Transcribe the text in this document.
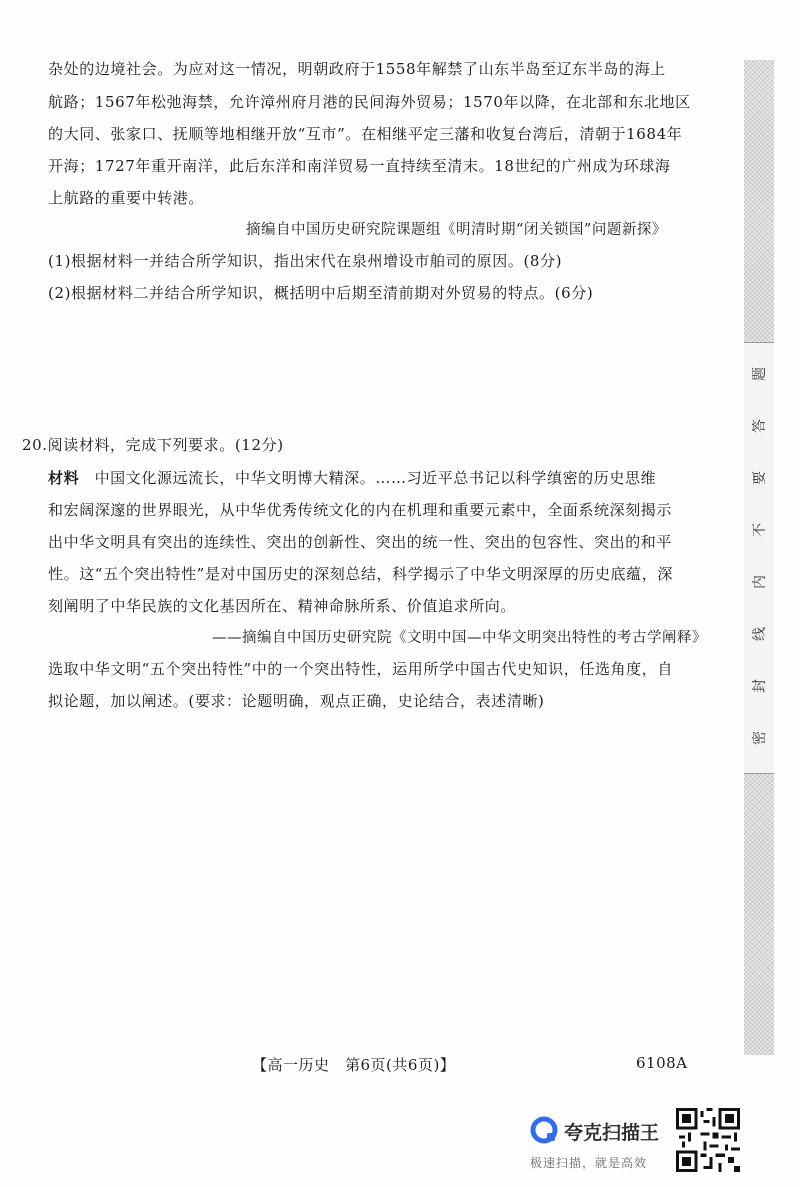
杂处的边境社会。为应对这一情况，明朝政府于1558年解禁了山东半岛至辽东半岛的海上
航路；1567年松弛海禁，允许漳州府月港的民间海外贸易；1570年以降，在北部和东北地区
的大同、张家口、抚顺等地相继开放“互市”。在相继平定三藩和收复台湾后，清朝于1684年
开海；1727年重开南洋，此后东洋和南洋贸易一直持续至清末。18世纪的广州成为环球海
上航路的重要中转港。
摘编自中国历史研究院课题组《明清时期“闭关锁国”问题新探》
(1)根据材料一并结合所学知识，指出宋代在泉州增设市舶司的原因。(8分)
(2)根据材料二并结合所学知识，概括明中后期至清前期对外贸易的特点。(6分)
20.阅读材料，完成下列要求。(12分)
材料 中国文化源远流长，中华文明博大精深。……习近平总书记以科学缜密的历史思维
和宏阔深邃的世界眼光，从中华优秀传统文化的内在机理和重要元素中，全面系统深刻揭示
出中华文明具有突出的连续性、突出的创新性、突出的统一性、突出的包容性、突出的和平
性。这“五个突出特性”是对中国历史的深刻总结，科学揭示了中华文明深厚的历史底蕴，深
刻阐明了中华民族的文化基因所在、精神命脉所系、价值追求所向。
——摘编自中国历史研究院《文明中国—中华文明突出特性的考古学阐释》
选取中华文明“五个突出特性”中的一个突出特性，运用所学中国古代史知识，任选角度，自
拟论题，加以阐述。(要求：论题明确，观点正确，史论结合，表述清晰)
密
封
线
内
不
要
答
题
【高一历史　第6页(共6页)】	6108A
夸克扫描王
极速扫描，就是高效
